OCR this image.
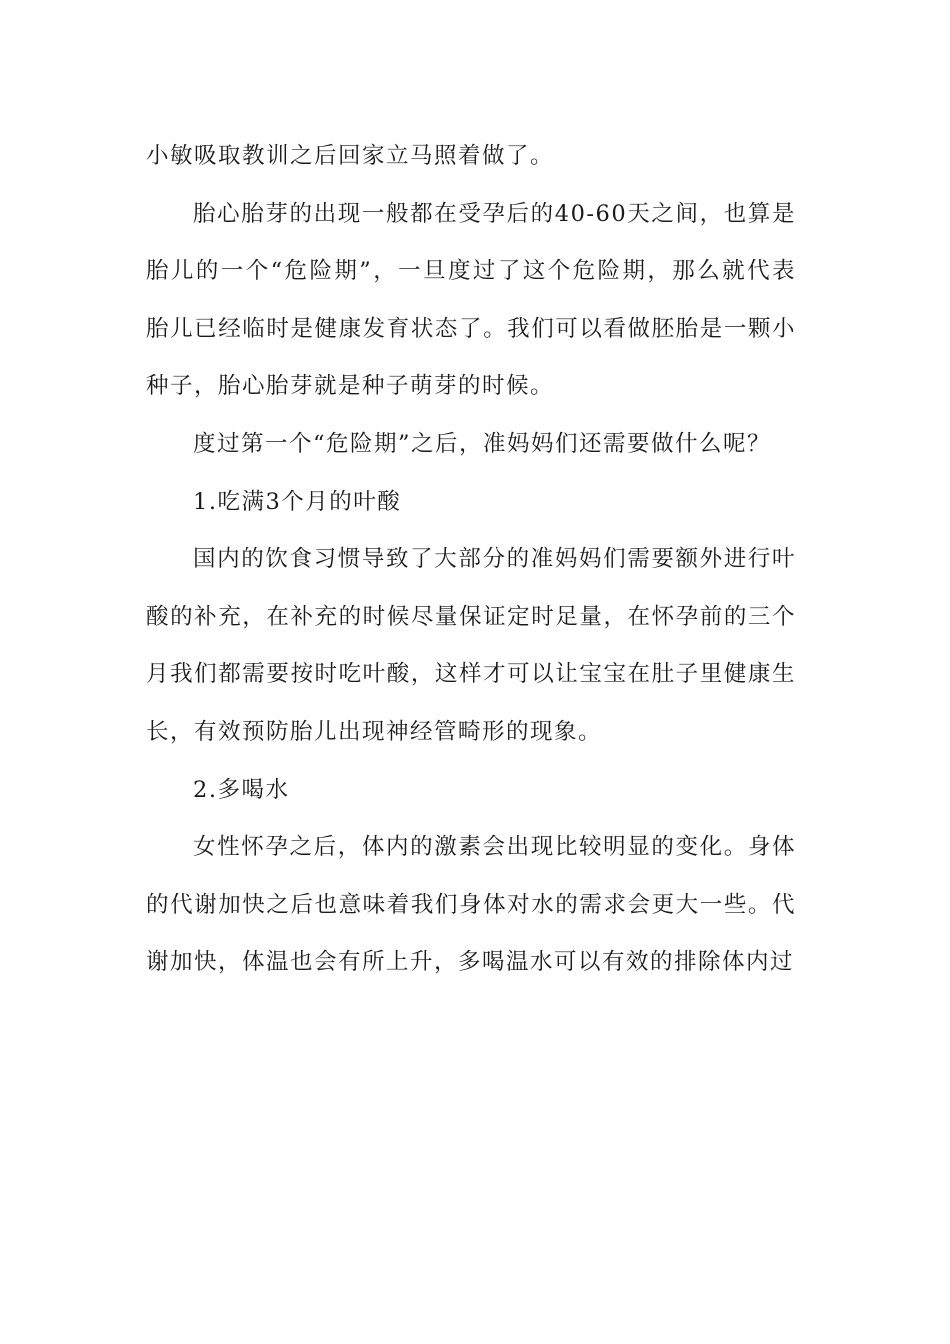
小敏吸取教训之后回家立马照着做了。

胎心胎芽的出现一般都在受孕后的40-60天之间，也算是胎儿的一个“危险期”，一旦度过了这个危险期，那么就代表胎儿已经临时是健康发育状态了。我们可以看做胚胎是一颗小种子，胎心胎芽就是种子萌芽的时候。

度过第一个“危险期”之后，准妈妈们还需要做什么呢？

1.吃满3个月的叶酸

国内的饮食习惯导致了大部分的准妈妈们需要额外进行叶酸的补充，在补充的时候尽量保证定时足量，在怀孕前的三个月我们都需要按时吃叶酸，这样才可以让宝宝在肚子里健康生长，有效预防胎儿出现神经管畸形的现象。

2.多喝水

女性怀孕之后，体内的激素会出现比较明显的变化。身体的代谢加快之后也意味着我们身体对水的需求会更大一些。代谢加快，体温也会有所上升，多喝温水可以有效的排除体内过
